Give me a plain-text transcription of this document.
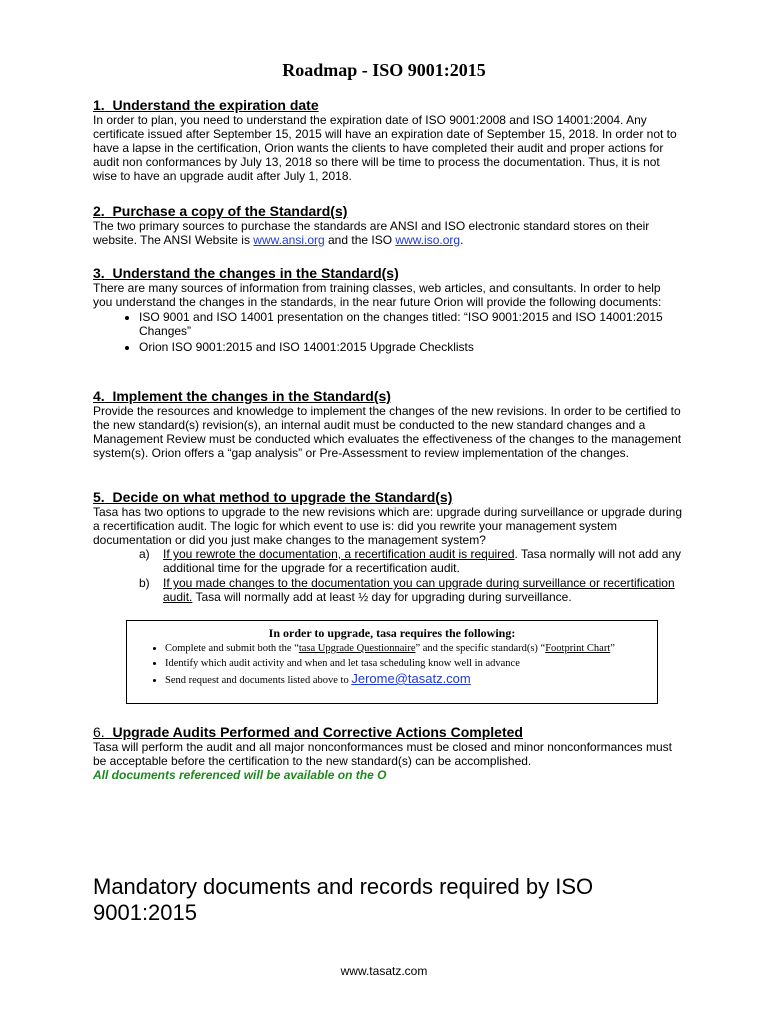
Roadmap - ISO 9001:2015
1. Understand the expiration date

In order to plan, you need to understand the expiration date of ISO 9001:2008 and ISO 14001:2004. Any certificate issued after September 15, 2015 will have an expiration date of September 15, 2018. In order not to have a lapse in the certification, Orion wants the clients to have completed their audit and proper actions for audit non conformances by July 13, 2018 so there will be time to process the documentation. Thus, it is not wise to have an upgrade audit after July 1, 2018.

2. Purchase a copy of the Standard(s)

The two primary sources to purchase the standards are ANSI and ISO electronic standard stores on their website. The ANSI Website is www.ansi.org and the ISO www.iso.org.

3. Understand the changes in the Standard(s)

There are many sources of information from training classes, web articles, and consultants. In order to help you understand the changes in the standards, in the near future Orion will provide the following documents:

• ISO 9001 and ISO 14001 presentation on the changes titled: “ISO 9001:2015 and ISO 14001:2015 Changes”
• Orion ISO 9001:2015 and ISO 14001:2015 Upgrade Checklists
4. Implement the changes in the Standard(s)

Provide the resources and knowledge to implement the changes of the new revisions. In order to be certified to the new standard(s) revision(s), an internal audit must be conducted to the new standard changes and a Management Review must be conducted which evaluates the effectiveness of the changes to the management system(s). Orion offers a “gap analysis” or Pre-Assessment to review implementation of the changes.

5. Decide on what method to upgrade the Standard(s)

Tasa has two options to upgrade to the new revisions which are: upgrade during surveillance or upgrade during a recertification audit. The logic for which event to use is: did you rewrite your management system documentation or did you just make changes to the management system?

a) If you rewrote the documentation, a recertification audit is required. Tasa normally will not add any additional time for the upgrade for a recertification audit.
b) If you made changes to the documentation you can upgrade during surveillance or recertification audit. Tasa will normally add at least ½ day for upgrading during surveillance.
In order to upgrade, tasa requires the following:
• Complete and submit both the “tasa Upgrade Questionnaire” and the specific standard(s) “Footprint Chart”
• Identify which audit activity and when and let tasa scheduling know well in advance
• Send request and documents listed above to Jerome@tasatz.com
6. Upgrade Audits Performed and Corrective Actions Completed

Tasa will perform the audit and all major nonconformances must be closed and minor nonconformances must be acceptable before the certification to the new standard(s) can be accomplished.

All documents referenced will be available on the O
Mandatory documents and records required by ISO 9001:2015
www.tasatz.com
